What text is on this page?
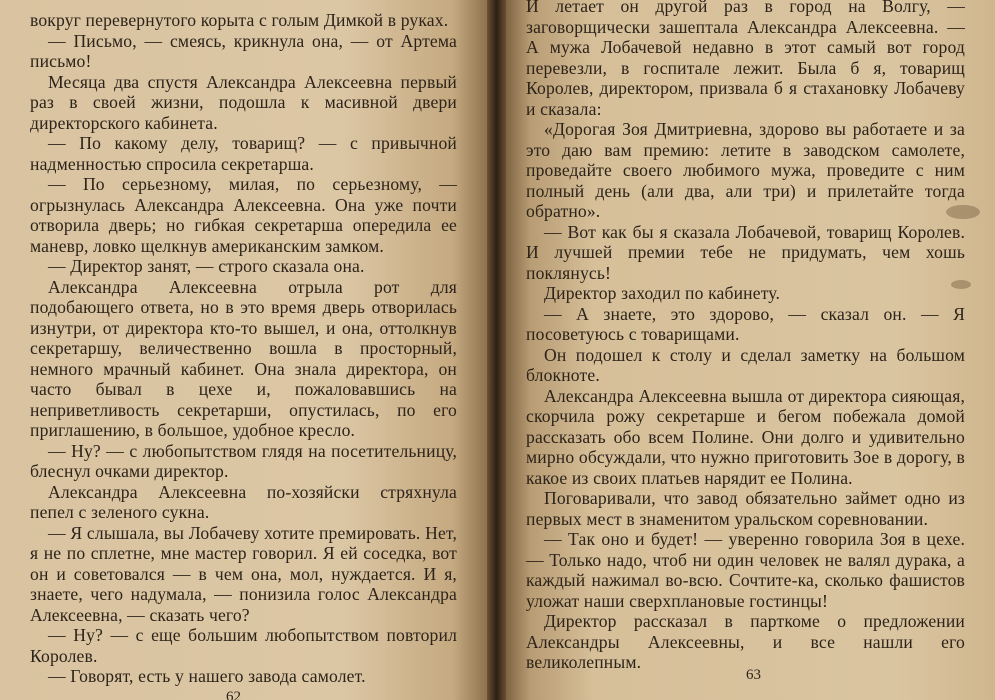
вокруг перевернутого корыта с голым Димкой в руках.

— Письмо, — смеясь, крикнула она, — от Артема письмо!

Месяца два спустя Александра Алексеевна первый раз в своей жизни, подошла к масивной двери директорского кабинета.

— По какому делу, товарищ? — с привычной надменностью спросила секретарша.

— По серьезному, милая, по серьезному, — огрызнулась Александра Алексеевна. Она уже почти отворила дверь; но гибкая секретарша опередила ее маневр, ловко щелкнув американским замком.

— Директор занят, — строго сказала она.

Александра Алексеевна отрыла рот для подобающего ответа, но в это время дверь отворилась изнутри, от директора кто-то вышел, и она, оттолкнув секретаршу, величественно вошла в просторный, немного мрачный кабинет. Она знала директора, он часто бывал в цехе и, пожаловавшись на неприветливость секретарши, опустилась, по его приглашению, в большое, удобное кресло.

— Ну? — с любопытством глядя на посетительницу, блеснул очками директор.

Александра Алексеевна по-хозяйски стряхнула пепел с зеленого сукна.

— Я слышала, вы Лобачеву хотите премировать. Нет, я не по сплетне, мне мастер говорил. Я ей соседка, вот он и советовался — в чем она, мол, нуждается. И я, знаете, чего надумала, — понизила голос Александра Алексеевна, — сказать чего?

— Ну? — с еще большим любопытством повторил Королев.

— Говорят, есть у нашего завода самолет.

62

И летает он другой раз в город на Волгу, — заговорщически зашептала Александра Алексеевна. — А мужа Лобачевой недавно в этот самый вот город перевезли, в госпитале лежит. Была б я, товарищ Королев, директором, призвала б я стахановку Лобачеву и сказала:

«Дорогая Зоя Дмитриевна, здорово вы работаете и за это даю вам премию: летите в заводском самолете, проведайте своего любимого мужа, проведите с ним полный день (али два, али три) и прилетайте тогда обратно».

— Вот как бы я сказала Лобачевой, товарищ Королев. И лучшей премии тебе не придумать, чем хошь поклянусь!

Директор заходил по кабинету.

— А знаете, это здорово, — сказал он. — Я посоветуюсь с товарищами.

Он подошел к столу и сделал заметку на большом блокноте.

Александра Алексеевна вышла от директора сияющая, скорчила рожу секретарше и бегом побежала домой рассказать обо всем Полине. Они долго и удивительно мирно обсуждали, что нужно приготовить Зое в дорогу, в какое из своих платьев нарядит ее Полина.

Поговаривали, что завод обязательно займет одно из первых мест в знаменитом уральском соревновании.

— Так оно и будет! — уверенно говорила Зоя в цехе. — Только надо, чтоб ни один человек не валял дурака, а каждый нажимал во-всю. Сочтите-ка, сколько фашистов уложат наши сверхплановые гостинцы!

Директор рассказал в парткоме о предложении Александры Алексеевны, и все нашли его великолепным.

63
